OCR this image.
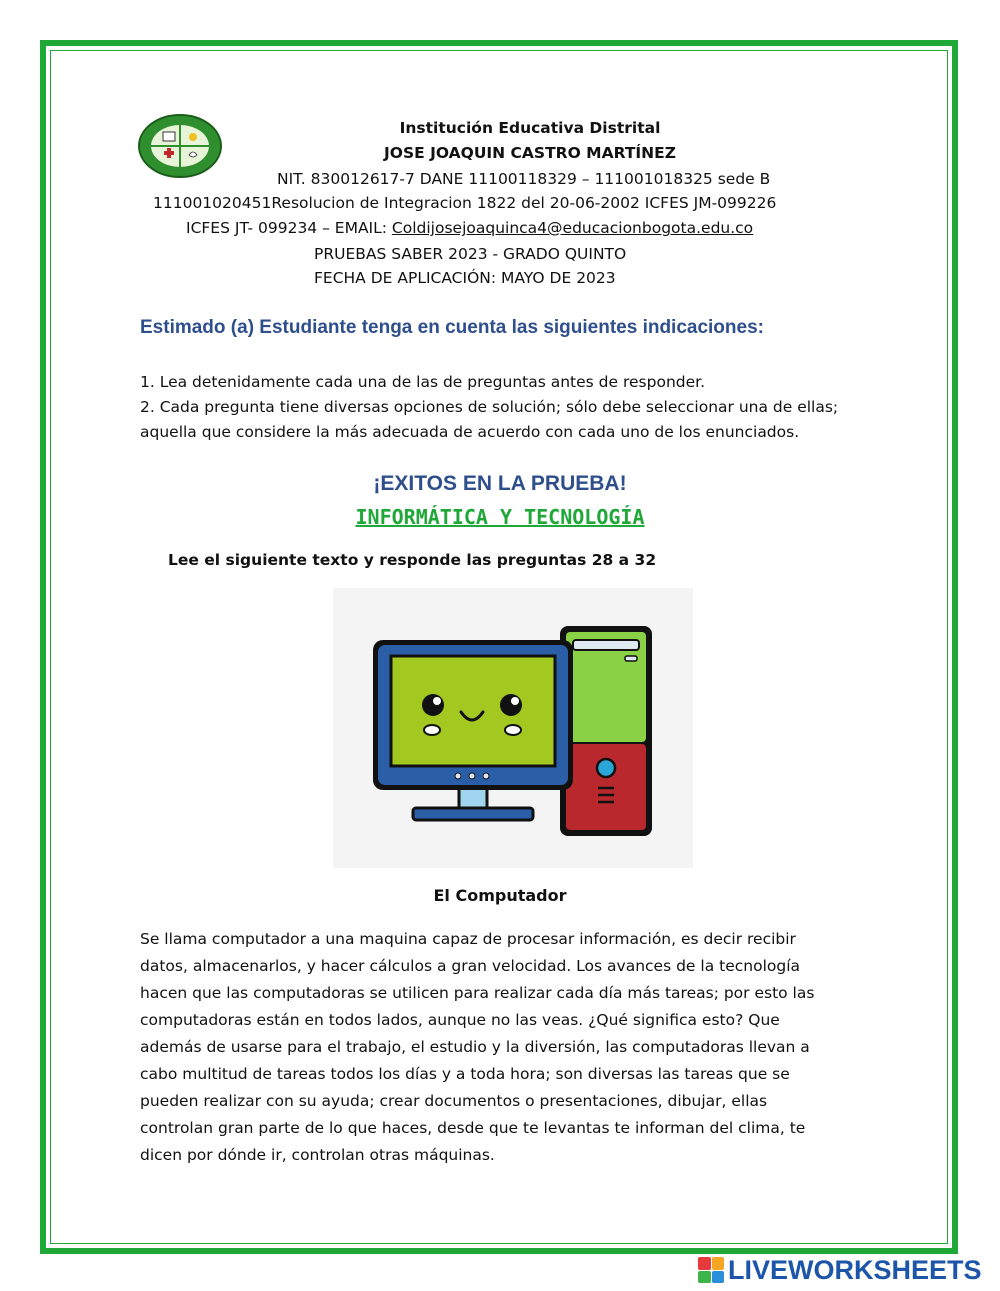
Institución Educativa Distrital
JOSE JOAQUIN CASTRO MARTÍNEZ
NIT. 830012617-7 DANE 11100118329 – 111001018325 sede B
111001020451Resolucion de Integracion 1822 del 20-06-2002 ICFES JM-099226
ICFES JT- 099234 – EMAIL: Coldijosejoaquinca4@educacionbogota.edu.co
PRUEBAS SABER 2023 - GRADO QUINTO
FECHA DE APLICACIÓN: MAYO DE 2023
Estimado (a) Estudiante tenga en cuenta las siguientes indicaciones:

1. Lea detenidamente cada una de las de preguntas antes de responder.

2. Cada pregunta tiene diversas opciones de solución; sólo debe seleccionar una de ellas; aquella que considere la más adecuada de acuerdo con cada uno de los enunciados.

¡EXITOS EN LA PRUEBA!
INFORMÁTICA Y TECNOLOGÍA
Lee el siguiente texto y responde las preguntas 28 a 32
El Computador

Se llama computador a una maquina capaz de procesar información, es decir recibir

datos, almacenarlos, y hacer cálculos a gran velocidad. Los avances de la tecnología

hacen que las computadoras se utilicen para realizar cada día más tareas; por esto las

computadoras están en todos lados, aunque no las veas. ¿Qué significa esto? Que

además de usarse para el trabajo, el estudio y la diversión, las computadoras llevan a

cabo multitud de tareas todos los días y a toda hora; son diversas las tareas que se

pueden realizar con su ayuda; crear documentos o presentaciones, dibujar, ellas

controlan gran parte de lo que haces, desde que te levantas te informan del clima, te

dicen por dónde ir, controlan otras máquinas.

LIVEWORKSHEETS
